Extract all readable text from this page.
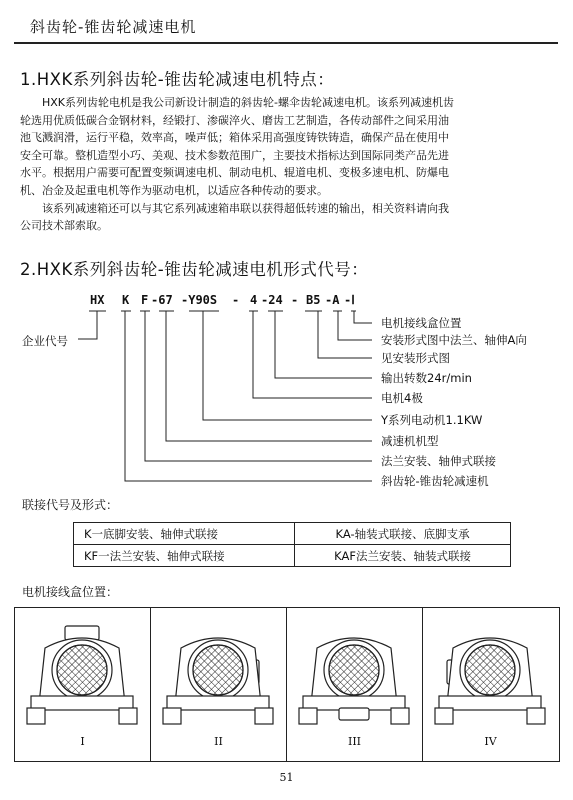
斜齿轮-锥齿轮减速电机
1.HXK系列斜齿轮-锥齿轮减速电机特点：

HXK系列齿轮电机是我公司新设计制造的斜齿轮-螺伞齿轮减速电机。该系列减速机齿

轮选用优质低碳合金钢材料，经锻打、渗碳淬火、磨齿工艺制造，各传动部件之间采用油

池飞溅润滑，运行平稳，效率高，噪声低；箱体采用高强度铸铁铸造，确保产品在使用中

安全可靠。整机造型小巧、美观、技术参数范围广，主要技术指标达到国际同类产品先进

水平。根据用户需要可配置变频调速电机、制动电机、辊道电机、变极多速电机、防爆电

机、冶金及起重电机等作为驱动电机，以适应各种传动的要求。

该系列减速箱还可以与其它系列减速箱串联以获得超低转速的输出，相关资料请向我

公司技术部索取。

2.HXK系列斜齿轮-锥齿轮减速电机形式代号：
HX K F -67 -Y90S - 4 -24 - B5 -A -Ⅰ
企业代号
电机接线盒位置
安装形式图中法兰、轴伸A向
见安装形式图
输出转数24r/min
电机4极
Y系列电动机1.1KW
减速机机型
法兰安装、轴伸式联接
斜齿轮-锥齿轮减速机
联接代号及形式：
K一底脚安装、轴伸式联接	KA-轴装式联接、底脚支承
KF一法兰安装、轴伸式联接	KAF法兰安装、轴装式联接
电机接线盒位置：
I	II	III	IV
51
